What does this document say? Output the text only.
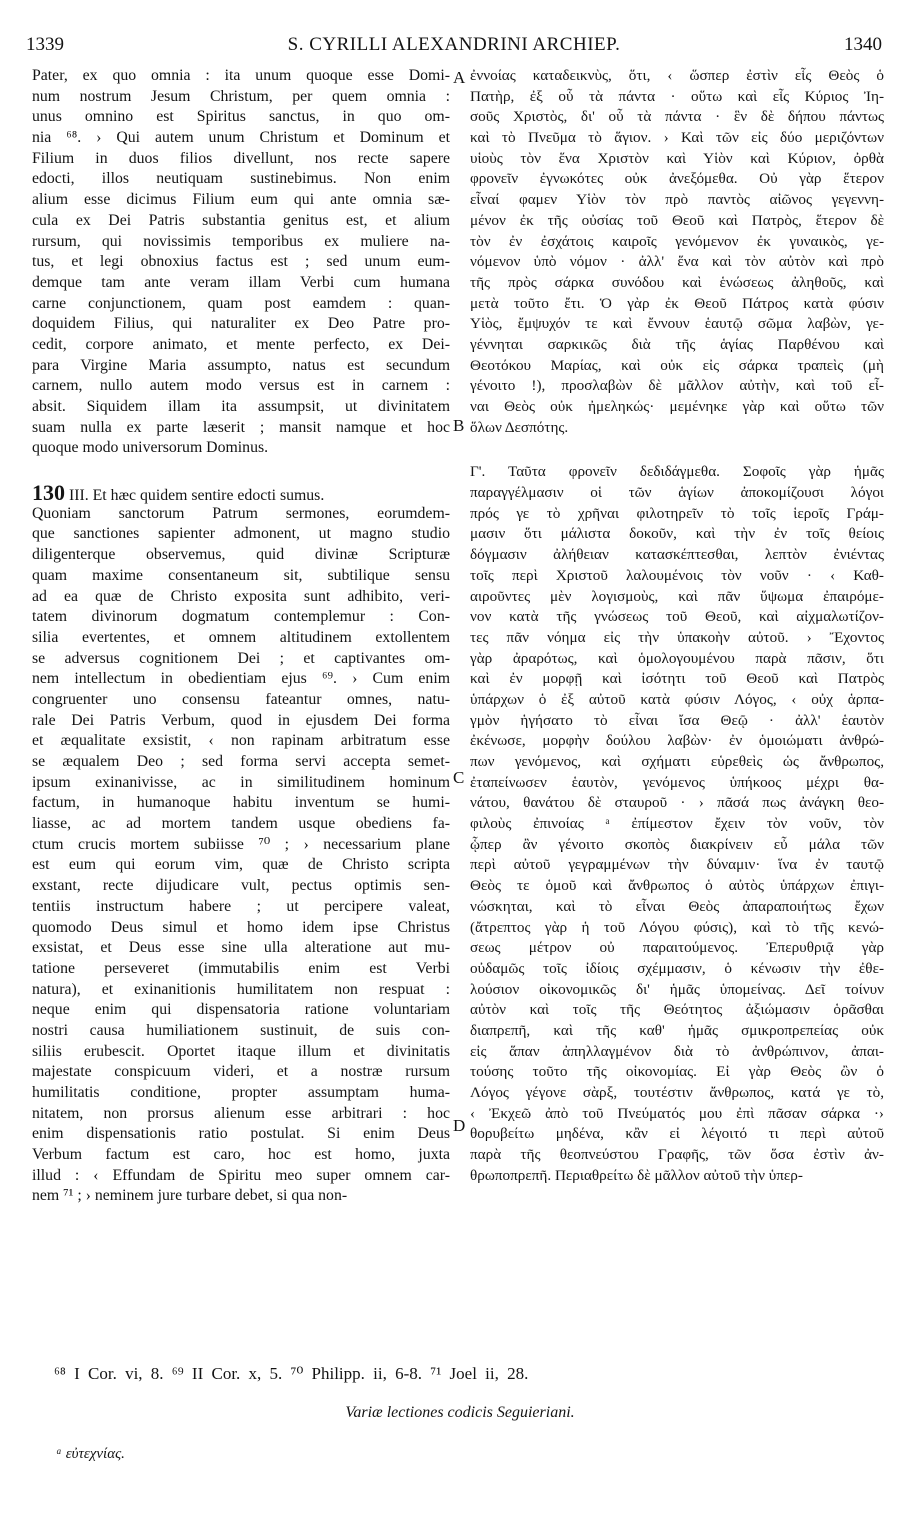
1339	S. CYRILLI ALEXANDRINI ARCHIEP.	1340
Pater, ex quo omnia : ita unum quoque esse Domi-
num nostrum Jesum Christum, per quem omnia :
unus omnino est Spiritus sanctus, in quo om-
nia ⁶⁸. › Qui autem unum Christum et Dominum et
Filium in duos filios divellunt, nos recte sapere
edocti, illos neutiquam sustinebimus. Non enim
alium esse dicimus Filium eum qui ante omnia sæ-
cula ex Dei Patris substantia genitus est, et alium
rursum, qui novissimis temporibus ex muliere na-
tus, et legi obnoxius factus est ; sed unum eum-
demque tam ante veram illam Verbi cum humana
carne conjunctionem, quam post eamdem : quan-
doquidem Filius, qui naturaliter ex Deo Patre pro-
cedit, corpore animato, et mente perfecto, ex Dei-
para Virgine Maria assumpto, natus est secundum
carnem, nullo autem modo versus est in carnem :
absit. Siquidem illam ita assumpsit, ut divinitatem
suam nulla ex parte læserit ; mansit namque et hoc
quoque modo universorum Dominus.
130 III. Et hæc quidem sentire edocti sumus.
Quoniam sanctorum Patrum sermones, eorumdem-
que sanctiones sapienter admonent, ut magno studio
diligenterque observemus, quid divinæ Scripturæ
quam maxime consentaneum sit, subtilique sensu
ad ea quæ de Christo exposita sunt adhibito, veri-
tatem divinorum dogmatum contemplemur : Con-
silia evertentes, et omnem altitudinem extollentem
se adversus cognitionem Dei ; et captivantes om-
nem intellectum in obedientiam ejus ⁶⁹. › Cum enim
congruenter uno consensu fateantur omnes, natu-
rale Dei Patris Verbum, quod in ejusdem Dei forma
et æqualitate exsistit, ‹ non rapinam arbitratum esse
se æqualem Deo ; sed forma servi accepta semet-
ipsum exinanivisse, ac in similitudinem hominum
factum, in humanoque habitu inventum se humi-
liasse, ac ad mortem tandem usque obediens fa-
ctum crucis mortem subiisse ⁷⁰ ; › necessarium plane
est eum qui eorum vim, quæ de Christo scripta
exstant, recte dijudicare vult, pectus optimis sen-
tentiis instructum habere ; ut percipere valeat,
quomodo Deus simul et homo idem ipse Christus
exsistat, et Deus esse sine ulla alteratione aut mu-
tatione perseveret (immutabilis enim est Verbi
natura), et exinanitionis humilitatem non respuat :
neque enim qui dispensatoria ratione voluntariam
nostri causa humiliationem sustinuit, de suis con-
siliis erubescit. Oportet itaque illum et divinitatis
majestate conspicuum videri, et a nostræ rursum
humilitatis conditione, propter assumptam huma-
nitatem, non prorsus alienum esse arbitrari : hoc
enim dispensationis ratio postulat. Si enim Deus
Verbum factum est caro, hoc est homo, juxta
illud : ‹ Effundam de Spiritu meo super omnem car-
nem ⁷¹ ; › neminem jure turbare debet, si qua non-
ἐννοίας καταδεικνὺς, ὅτι, ‹ ὥσπερ ἐστὶν εἷς Θεὸς ὁ
Πατὴρ, ἐξ οὗ τὰ πάντα · οὕτω καὶ εἷς Κύριος Ἰη-
σοῦς Χριστὸς, δι' οὗ τὰ πάντα · ἓν δὲ δήπου πάντως
καὶ τὸ Πνεῦμα τὸ ἅγιον. › Καὶ τῶν εἰς δύο μεριζόντων
υἱοὺς τὸν ἕνα Χριστὸν καὶ Υἱὸν καὶ Κύριον, ὀρθὰ
φρονεῖν ἐγνωκότες οὐκ ἀνεξόμεθα. Οὐ γὰρ ἕτερον
εἶναί φαμεν Υἱὸν τὸν πρὸ παντὸς αἰῶνος γεγεννη-
μένον ἐκ τῆς οὐσίας τοῦ Θεοῦ καὶ Πατρὸς, ἕτερον δὲ
τὸν ἐν ἐσχάτοις καιροῖς γενόμενον ἐκ γυναικὸς, γε-
νόμενον ὑπὸ νόμον · ἀλλ' ἕνα καὶ τὸν αὐτὸν καὶ πρὸ
τῆς πρὸς σάρκα συνόδου καὶ ἑνώσεως ἀληθοῦς, καὶ
μετὰ τοῦτο ἔτι. Ὁ γὰρ ἐκ Θεοῦ Πάτρος κατὰ φύσιν
Υἱὸς, ἔμψυχόν τε καὶ ἔννουν ἑαυτῷ σῶμα λαβὼν, γε-
γέννηται σαρκικῶς διὰ τῆς ἁγίας Παρθένου καὶ
Θεοτόκου Μαρίας, καὶ οὐκ εἰς σάρκα τραπεὶς (μὴ
γένοιτο !), προσλαβὼν δὲ μᾶλλον αὐτὴν, καὶ τοῦ εἶ-
ναι Θεὸς οὐκ ἠμεληκώς· μεμένηκε γὰρ καὶ οὕτω τῶν
ὅλων Δεσπότης.
Γ'. Ταῦτα φρονεῖν δεδιδάγμεθα. Σοφοῖς γὰρ ἡμᾶς
παραγγέλμασιν οἱ τῶν ἁγίων ἀποκομίζουσι λόγοι
πρός γε τὸ χρῆναι φιλοτηρεῖν τὸ τοῖς ἱεροῖς Γράμ-
μασιν ὅτι μάλιστα δοκοῦν, καὶ τὴν ἐν τοῖς θείοις
δόγμασιν ἀλήθειαν κατασκέπτεσθαι, λεπτὸν ἐνιέντας
τοῖς περὶ Χριστοῦ λαλουμένοις τὸν νοῦν · ‹ Καθ-
αιροῦντες μὲν λογισμοὺς, καὶ πᾶν ὕψωμα ἐπαιρόμε-
νον κατὰ τῆς γνώσεως τοῦ Θεοῦ, καὶ αἰχμαλωτίζον-
τες πᾶν νόημα εἰς τὴν ὑπακοὴν αὐτοῦ. › Ἔχοντος
γὰρ ἀραρότως, καὶ ὁμολογουμένου παρὰ πᾶσιν, ὅτι
καὶ ἐν μορφῇ καὶ ἰσότητι τοῦ Θεοῦ καὶ Πατρὸς
ὑπάρχων ὁ ἐξ αὐτοῦ κατὰ φύσιν Λόγος, ‹ οὐχ ἁρπα-
γμὸν ἡγήσατο τὸ εἶναι ἴσα Θεῷ · ἀλλ' ἑαυτὸν
ἐκένωσε, μορφὴν δούλου λαβὼν· ἐν ὁμοιώματι ἀνθρώ-
πων γενόμενος, καὶ σχήματι εὑρεθεὶς ὡς ἄνθρωπος,
ἐταπείνωσεν ἑαυτὸν, γενόμενος ὑπήκοος μέχρι θα-
νάτου, θανάτου δὲ σταυροῦ · › πᾶσά πως ἀνάγκη θεο-
φιλοὺς ἐπινοίας ᵃ ἐπίμεστον ἔχειν τὸν νοῦν, τὸν
ᾧπερ ἂν γένοιτο σκοπὸς διακρίνειν εὖ μάλα τῶν
περὶ αὐτοῦ γεγραμμένων τὴν δύναμιν· ἵνα ἐν ταυτῷ
Θεὸς τε ὁμοῦ καὶ ἄνθρωπος ὁ αὐτὸς ὑπάρχων ἐπιγι-
νώσκηται, καὶ τὸ εἶναι Θεὸς ἀπαραποιήτως ἔχων
(ἄτρεπτος γὰρ ἡ τοῦ Λόγου φύσις), καὶ τὸ τῆς κενώ-
σεως μέτρον οὐ παραιτούμενος. Ἐπερυθριᾷ γὰρ
οὐδαμῶς τοῖς ἰδίοις σχέμμασιν, ὁ κένωσιν τὴν ἐθε-
λούσιον οἰκονομικῶς δι' ἡμᾶς ὑπομείνας. Δεῖ τοίνυν
αὐτὸν καὶ τοῖς τῆς Θεότητος ἀξιώμασιν ὁρᾶσθαι
διαπρεπῆ, καὶ τῆς καθ' ἡμᾶς σμικροπρεπείας οὐκ
εἰς ἅπαν ἀπηλλαγμένον διὰ τὸ ἀνθρώπινον, ἀπαι-
τούσης τοῦτο τῆς οἰκονομίας. Εἰ γὰρ Θεὸς ὢν ὁ
Λόγος γέγονε σὰρξ, τουτέστιν ἄνθρωπος, κατά γε τὸ,
‹ Ἐκχεῶ ἀπὸ τοῦ Πνεύματός μου ἐπὶ πᾶσαν σάρκα ·›
θορυβείτω μηδένα, κἂν εἰ λέγοιτό τι περὶ αὐτοῦ
παρὰ τῆς θεοπνεύστου Γραφῆς, τῶν ὅσα ἐστὶν ἀν-
θρωποπρεπῆ. Περιαθρείτω δὲ μᾶλλον αὐτοῦ τὴν ὑπερ-
A
B
C
D
⁶⁸ I Cor. vi, 8. ⁶⁹ II Cor. x, 5. ⁷⁰ Philipp. ii, 6-8. ⁷¹ Joel ii, 28.
Variæ lectiones codicis Seguieriani.
ᵃ εὐτεχνίας.
